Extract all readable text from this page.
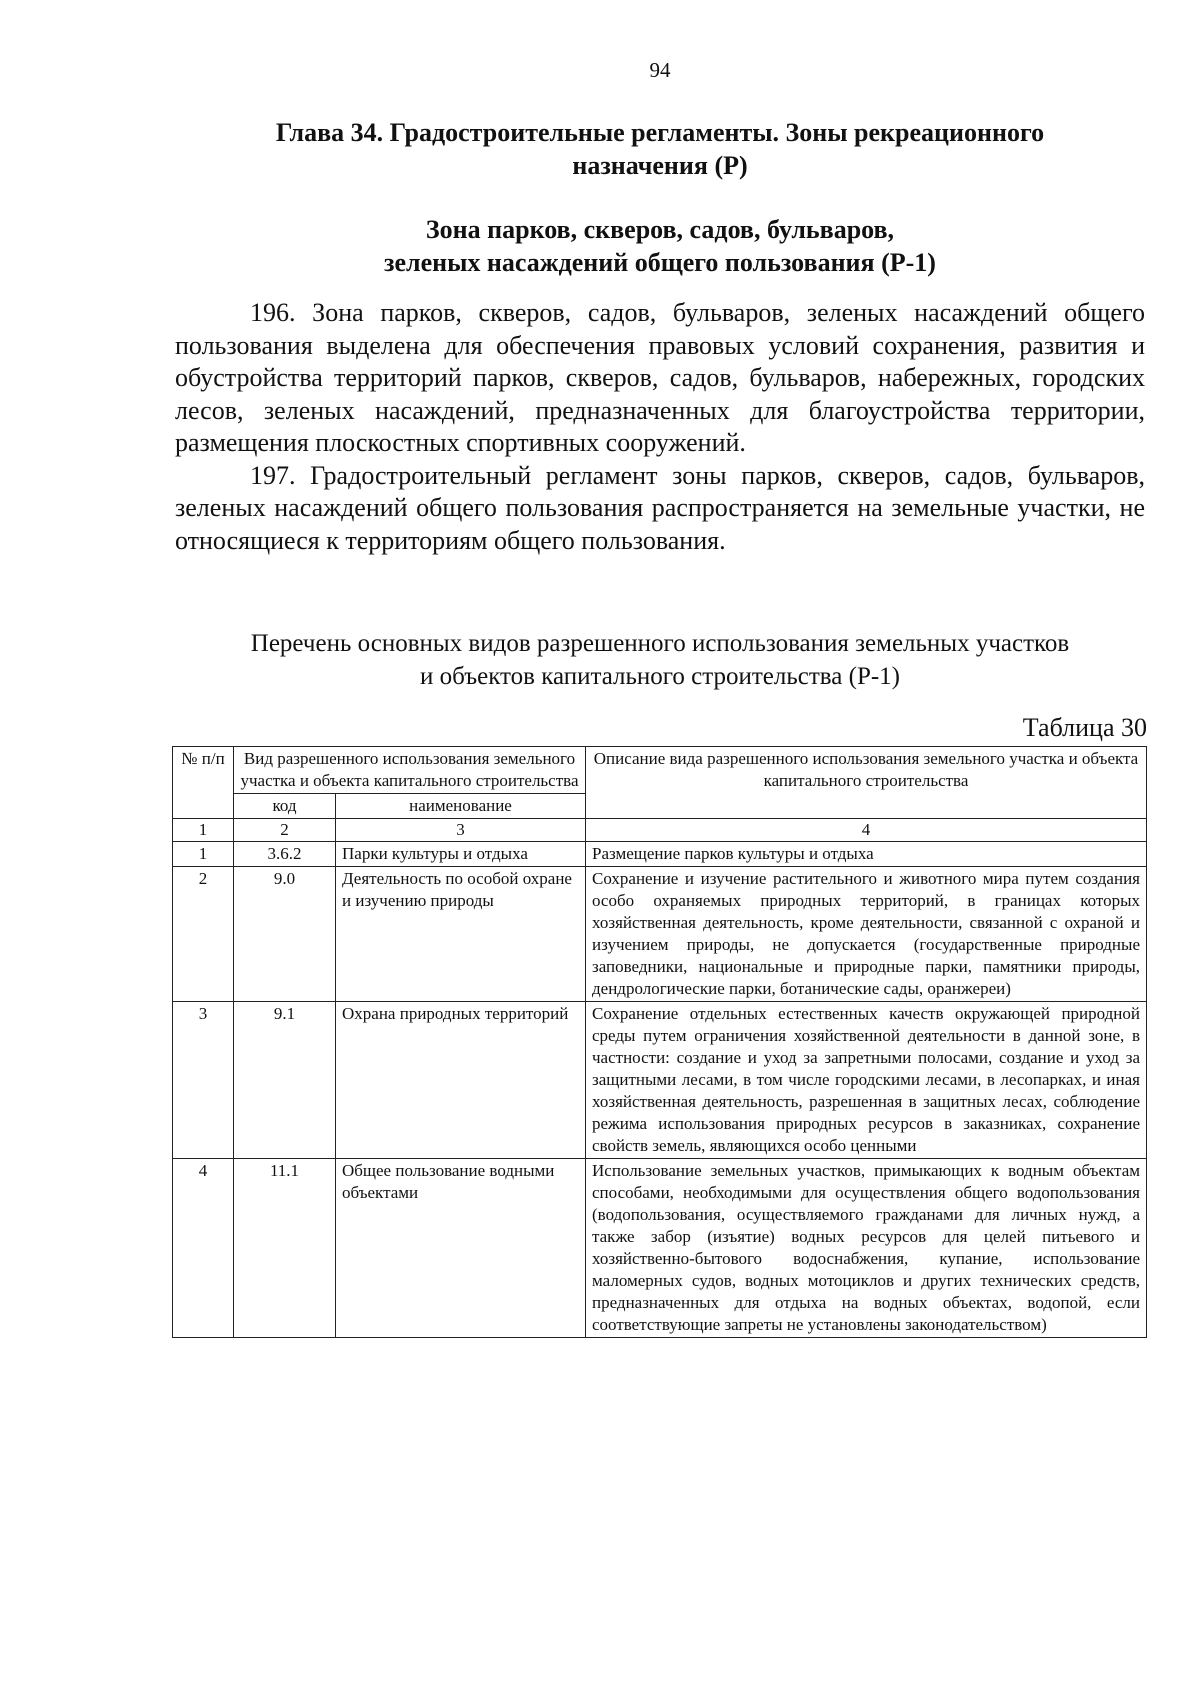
94
Глава 34. Градостроительные регламенты. Зоны рекреационного
назначения (Р)
Зона парков, скверов, садов, бульваров,
зеленых насаждений общего пользования (Р-1)

196. Зона парков, скверов, садов, бульваров, зеленых насаждений общего пользования выделена для обеспечения правовых условий сохранения, развития и обустройства территорий парков, скверов, садов, бульваров, набережных, городских лесов, зеленых насаждений, предназначенных для благоустройства территории, размещения плоскостных спортивных сооружений.

197. Градостроительный регламент зоны парков, скверов, садов, бульваров, зеленых насаждений общего пользования распространяется на земельные участки, не относящиеся к территориям общего пользования.

Перечень основных видов разрешенного использования земельных участков
и объектов капитального строительства (Р-1)
Таблица 30
№ п/п	Вид разрешенного использования земельного участка и объекта капитального строительства		Описание вида разрешенного использования земельного участка и объекта капитального строительства
	код	наименование	
1	2	3	4
1	3.6.2	Парки культуры и отдыха	Размещение парков культуры и отдыха
2	9.0	Деятельность по особой охране и изучению природы	Сохранение и изучение растительного и животного мира путем создания особо охраняемых природных территорий, в границах которых хозяйственная деятельность, кроме деятельности, связанной с охраной и изучением природы, не допускается (государственные природные заповедники, национальные и природные парки, памятники природы, дендрологические парки, ботанические сады, оранжереи)
3	9.1	Охрана природных территорий	Сохранение отдельных естественных качеств окружающей природной среды путем ограничения хозяйственной деятельности в данной зоне, в частности: создание и уход за запретными полосами, создание и уход за защитными лесами, в том числе городскими лесами, в лесопарках, и иная хозяйственная деятельность, разрешенная в защитных лесах, соблюдение режима использования природных ресурсов в заказниках, сохранение свойств земель, являющихся особо ценными
4	11.1	Общее пользование водными объектами	Использование земельных участков, примыкающих к водным объектам способами, необходимыми для осуществления общего водопользования (водопользования, осуществляемого гражданами для личных нужд, а также забор (изъятие) водных ресурсов для целей питьевого и хозяйственно-бытового водоснабжения, купание, использование маломерных судов, водных мотоциклов и других технических средств, предназначенных для отдыха на водных объектах, водопой, если соответствующие запреты не установлены законодательством)
